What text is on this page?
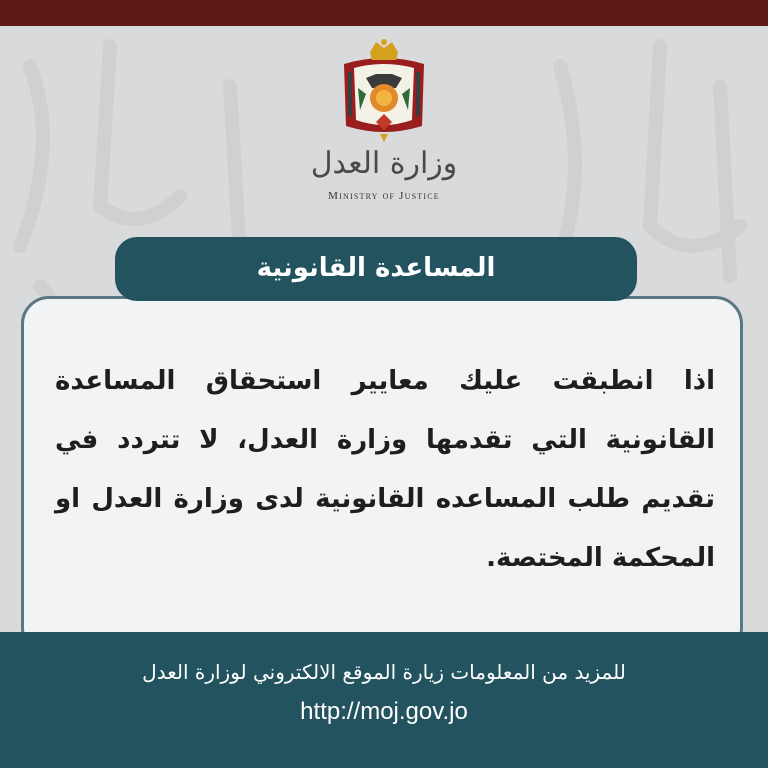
وزارة العدل
Ministry of Justice
المساعدة القانونية
اذا انطبقت عليك معايير استحقاق المساعدة القانونية التي تقدمها وزارة العدل، لا تتردد في تقديم طلب المساعده القانونية لدى وزارة العدل او المحكمة المختصة.
للمزيد من المعلومات زيارة الموقع الالكتروني لوزارة العدل
http://moj.gov.jo
